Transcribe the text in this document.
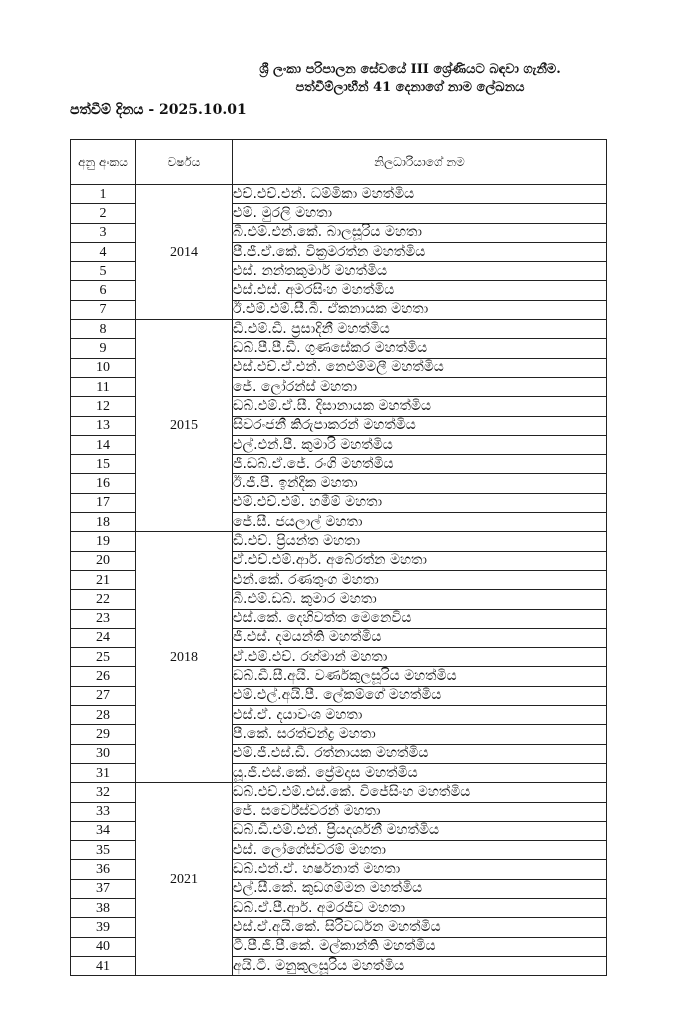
ශ්‍රී ලංකා පරිපාලන සේවයේ III ශ්‍රේණියට බඳවා ගැනීම.
පත්වීම්ලාභීන් 41 දෙනාගේ නාම ලේඛනය
පත්වීම් දිනය - 2025.10.01
අනු අංකය	වර්ෂය	නිලධාරියාගේ නම
1	2014	එච්.එච්.එන්. ධම්මිකා මහත්මිය
2		එම්. මුරලි මහතා
3		බී.එම්.එන්.කේ. බාලසූරිය මහතා
4		පී.ජී.ඒ.කේ. වික්‍රමරත්න මහත්මිය
5		එස්. නන්තකුමාර් මහත්මිය
6		එස්.එස්. අමරසිංහ මහත්මිය
7		ඊ.එම්.එම්.සී.බී. ඒකනායක මහතා
8	2015	ඩී.එම්.ඩී. ප්‍රසාදිනී මහත්මිය
9		ඩබ්.පී.පී.ඩී. ගුණසේකර මහත්මිය
10		එස්.එච්.ඒ.එන්. නෙළුම්මලී මහත්මිය
11		ජේ. ලෝරන්ස් මහතා
12		ඩබ්.එම්.ඒ.සී. දිසානායක මහත්මිය
13		සිවරංජනී කිරුපාකරන් මහත්මිය
14		එල්.එන්.පී. කුමාරි මහත්මිය
15		ජී.ඩබ්.ඒ.ජේ. රංගි මහත්මිය
16		ඊ.ජී.පී. ඉන්දික මහතා
17		එම්.එච්.එම්. හමීම් මහතා
18		ජේ.සී. ජයලාල් මහතා
19	2018	ඩී.එච්. ප්‍රියන්ත මහතා
20		ඒ.එච්.එම්.ආර්. අබේරත්න මහතා
21		එන්.කේ. රණතුංග මහතා
22		බී.එම්.ඩබ්. කුමාර මහතා
23		එස්.කේ. දෙහිවත්ත මෙනෙවිය
24		ජී.එස්. දමයන්ති මහත්මිය
25		ඒ.එම්.එච්. රහ්මාන් මහතා
26		ඩබ්.ඩී.සී.අයි. වර්ණකුලසූරිය මහත්මිය
27		එම්.එල්.අයි.පී. ලේකම්ගේ මහත්මිය
28		එස්.ඒ. දයාවංශ මහතා
29		පී.කේ. සරත්චන්ද්‍ර මහතා
30		එම්.ජී.එස්.ඩී. රත්නායක මහත්මිය
31		යූ.ජී.එස්.කේ. ප්‍රේමදාස මහත්මිය
32	2021	ඩබ්.එච්.එම්.එස්.කේ. විජේසිංහ මහත්මිය
33		ජේ. සර්වේස්වරන් මහතා
34		ඩබ්.ඩී.එම්.එන්. ප්‍රියදර්ශනී මහත්මිය
35		එස්. ලෝගේස්වරම් මහතා
36		ඩබ්.එන්.ඒ. හර්ෂනාත් මහතා
37		එල්.සී.කේ. කුඩගම්මන මහත්මිය
38		ඩබ්.ඒ.පී.ආර්. අමරජීව මහතා
39		එස්.ඒ.අයි.කේ. සිරිවර්ධන මහත්මිය
40		ටී.පී.ජී.පී.කේ. මල්කාන්ති මහත්මිය
41		අයි.ටී. මනුකුලසූරිය මහත්මිය
